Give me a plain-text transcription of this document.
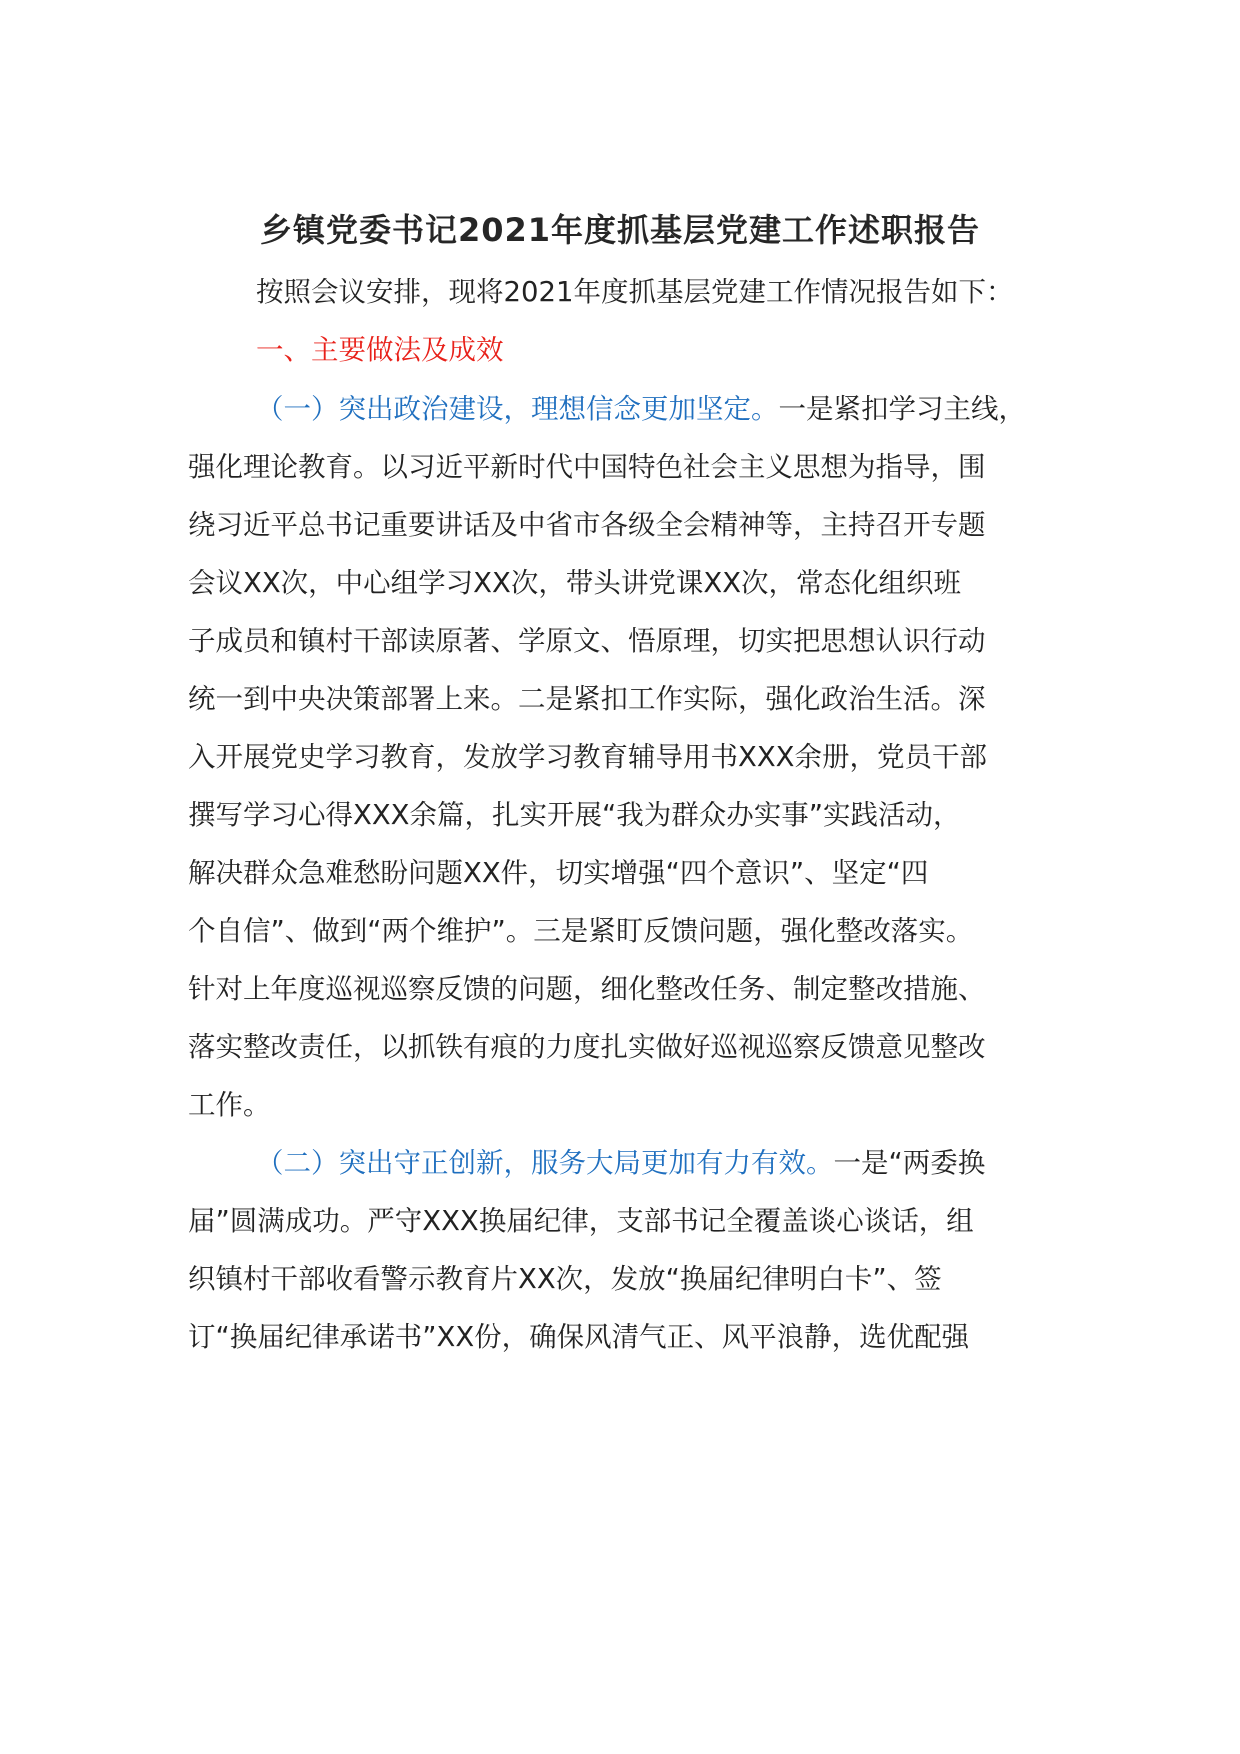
乡镇党委书记2021年度抓基层党建工作述职报告
按照会议安排，现将2021年度抓基层党建工作情况报告如下：
一、主要做法及成效
（一）突出政治建设，理想信念更加坚定。一是紧扣学习主线，
强化理论教育。以习近平新时代中国特色社会主义思想为指导，围
绕习近平总书记重要讲话及中省市各级全会精神等，主持召开专题
会议XX次，中心组学习XX次，带头讲党课XX次，常态化组织班
子成员和镇村干部读原著、学原文、悟原理，切实把思想认识行动
统一到中央决策部署上来。二是紧扣工作实际，强化政治生活。深
入开展党史学习教育，发放学习教育辅导用书XXX余册，党员干部
撰写学习心得XXX余篇，扎实开展“我为群众办实事”实践活动，
解决群众急难愁盼问题XX件，切实增强“四个意识”、坚定“四
个自信”、做到“两个维护”。三是紧盯反馈问题，强化整改落实。
针对上年度巡视巡察反馈的问题，细化整改任务、制定整改措施、
落实整改责任，以抓铁有痕的力度扎实做好巡视巡察反馈意见整改
工作。
（二）突出守正创新，服务大局更加有力有效。一是“两委换
届”圆满成功。严守XXX换届纪律，支部书记全覆盖谈心谈话，组
织镇村干部收看警示教育片XX次，发放“换届纪律明白卡”、签
订“换届纪律承诺书”XX份，确保风清气正、风平浪静，选优配强
